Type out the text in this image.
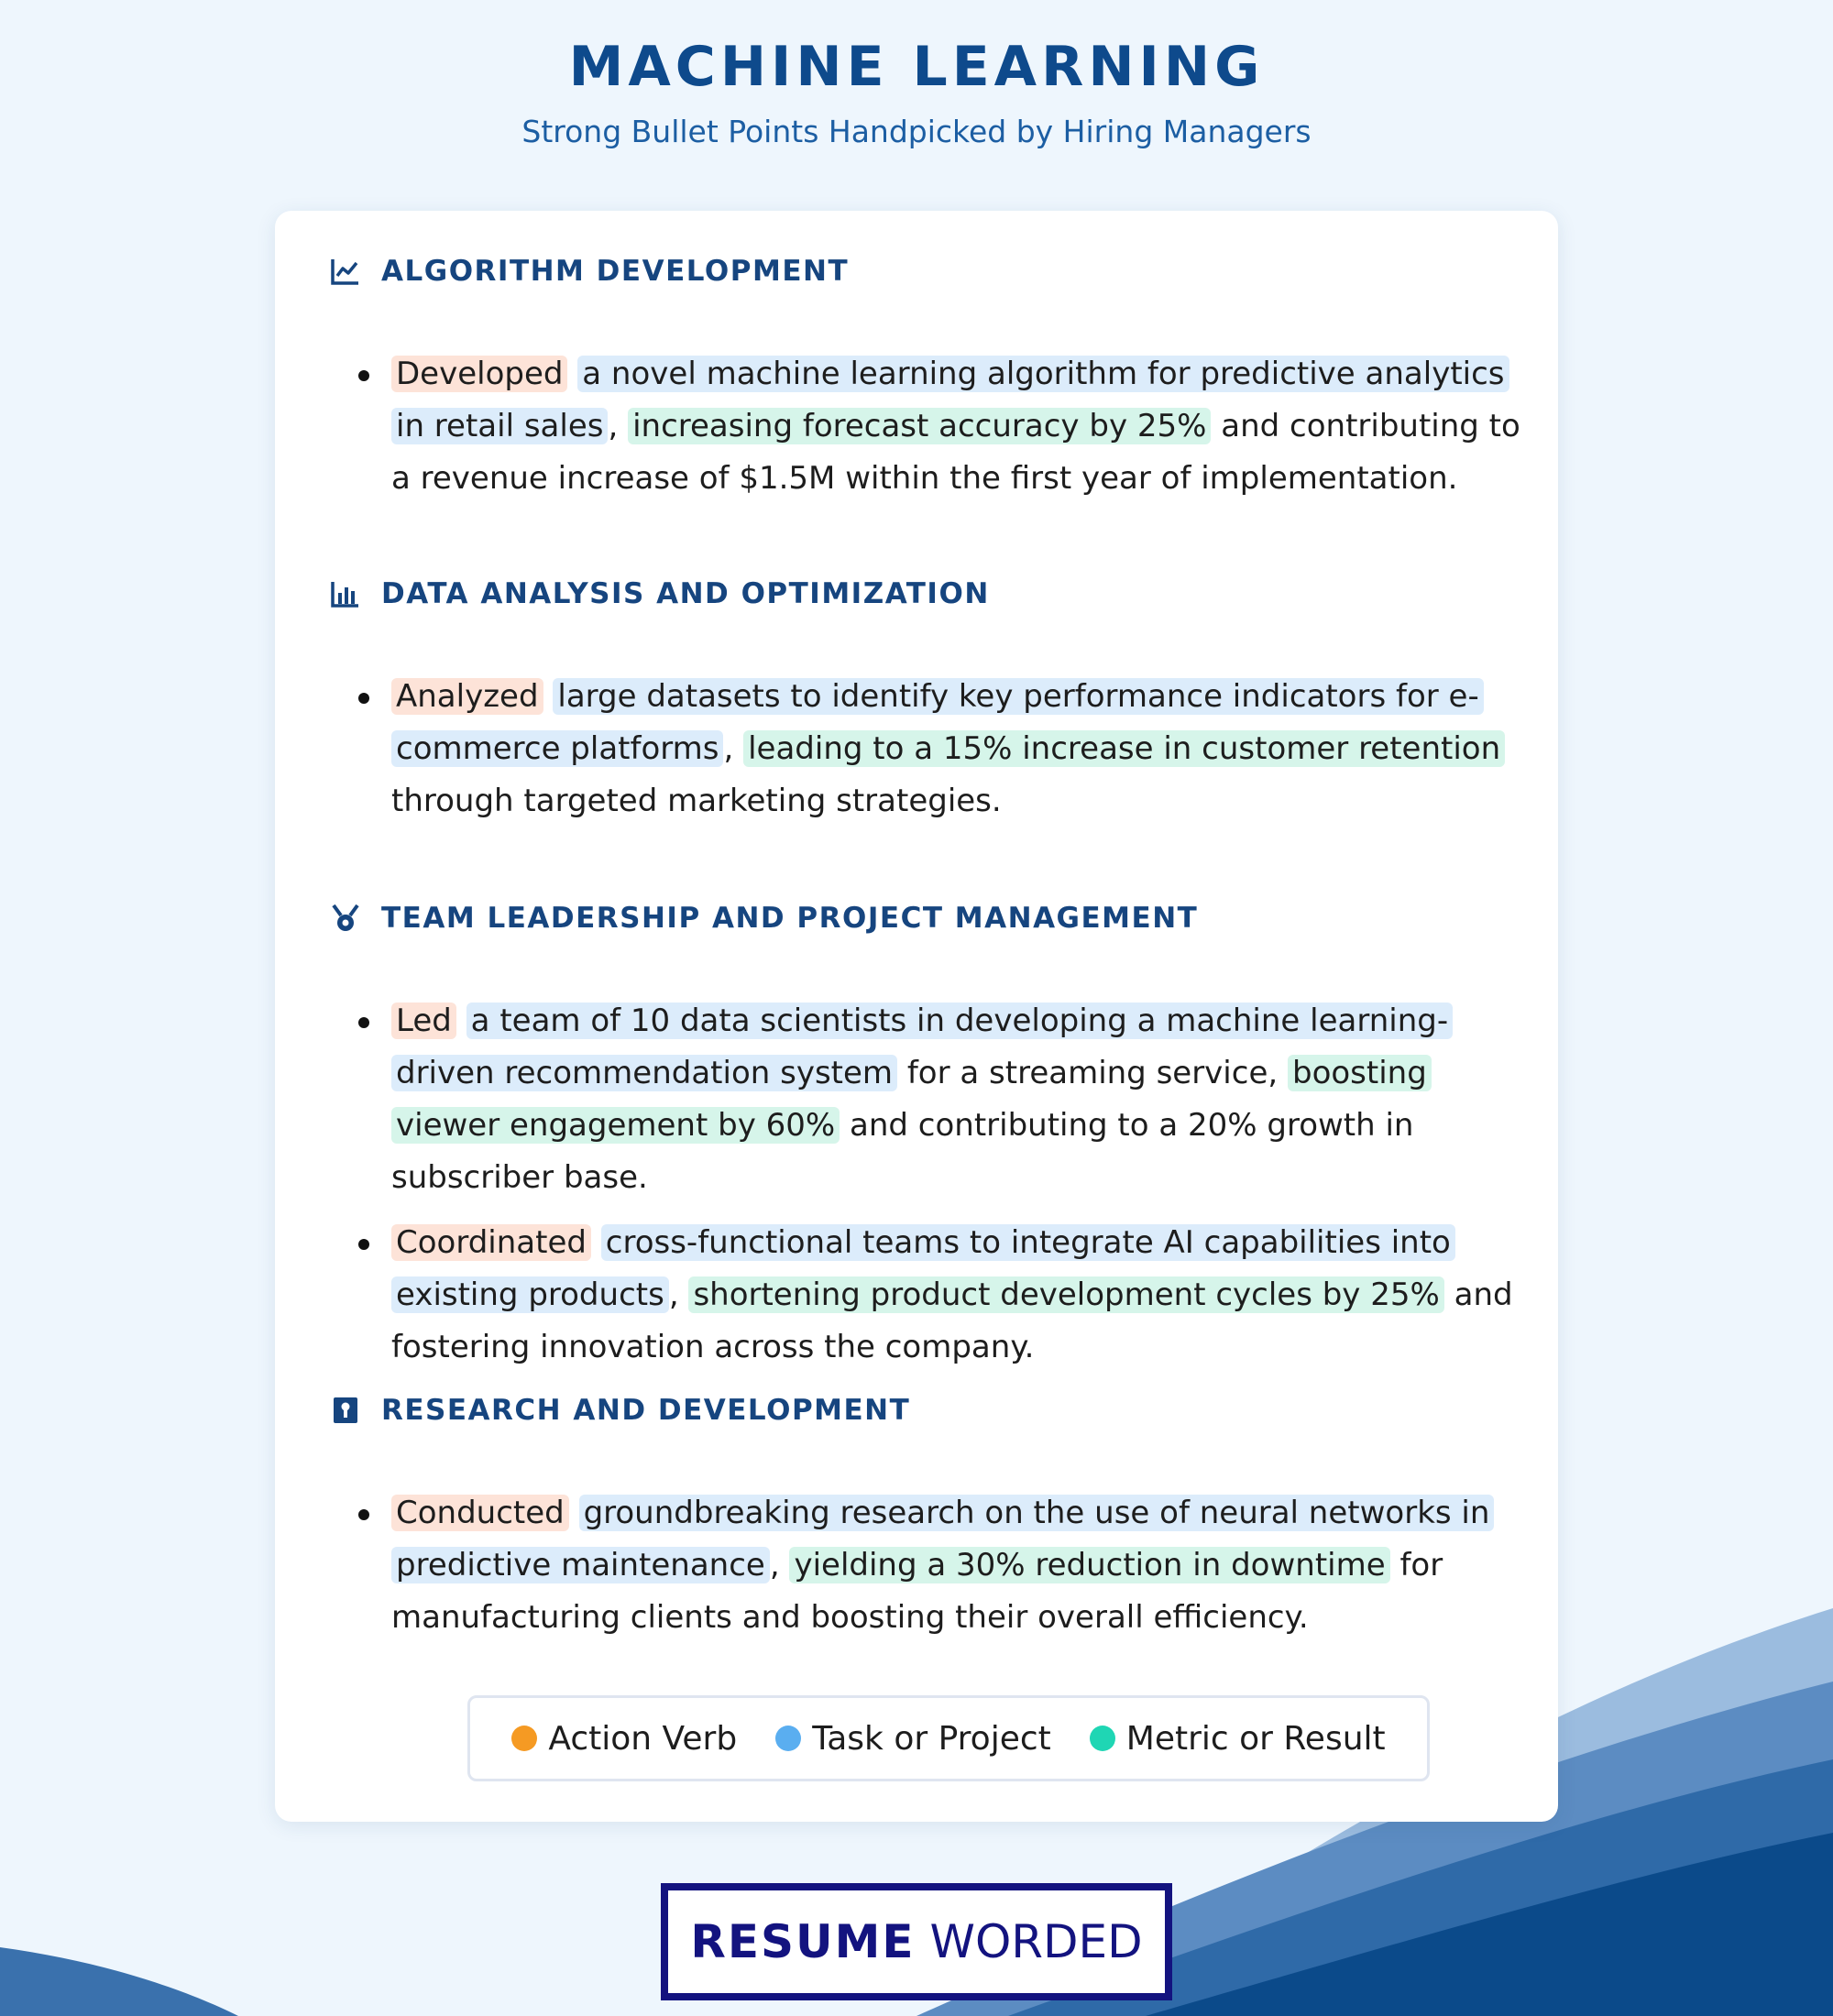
MACHINE LEARNING
Strong Bullet Points Handpicked by Hiring Managers
ALGORITHM DEVELOPMENT
Developed a novel machine learning algorithm for predictive analytics in retail sales , increasing forecast accuracy by 25% and contributing to a revenue increase of $1.5M within the first year of implementation.
DATA ANALYSIS AND OPTIMIZATION
Analyzed large datasets to identify key performance indicators for e-commerce platforms , leading to a 15% increase in customer retention through targeted marketing strategies.
TEAM LEADERSHIP AND PROJECT MANAGEMENT
Led a team of 10 data scientists in developing a machine learning-driven recommendation system for a streaming service, boosting viewer engagement by 60% and contributing to a 20% growth in subscriber base.
Coordinated cross-functional teams to integrate AI capabilities into existing products , shortening product development cycles by 25% and fostering innovation across the company.
RESEARCH AND DEVELOPMENT
Conducted groundbreaking research on the use of neural networks in predictive maintenance , yielding a 30% reduction in downtime for manufacturing clients and boosting their overall efficiency.
Action Verb Task or Project Metric or Result
RESUME WORDED
